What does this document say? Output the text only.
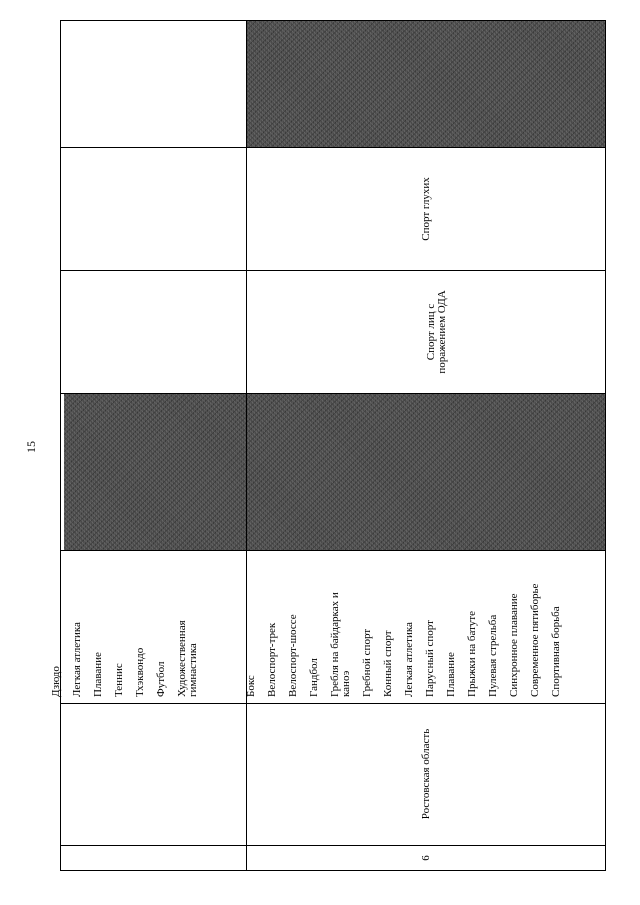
15
6
Ростовская область
Дзюдо Легкая атлетика Плавание Теннис Тхэквондо Футбол Художественная гимнастика	Бокс Велоспорт-трек Велоспорт-шоссе Гандбол Гребля на байдарках и каноэ Гребной спорт Конный спорт Легкая атлетика Парусный спорт Плавание Прыжки на батуте Пулевая стрельба Синхронное плавание Современное пятиборье Спортивная борьба
Спорт лиц с поражением ОДА
Спорт глухих
